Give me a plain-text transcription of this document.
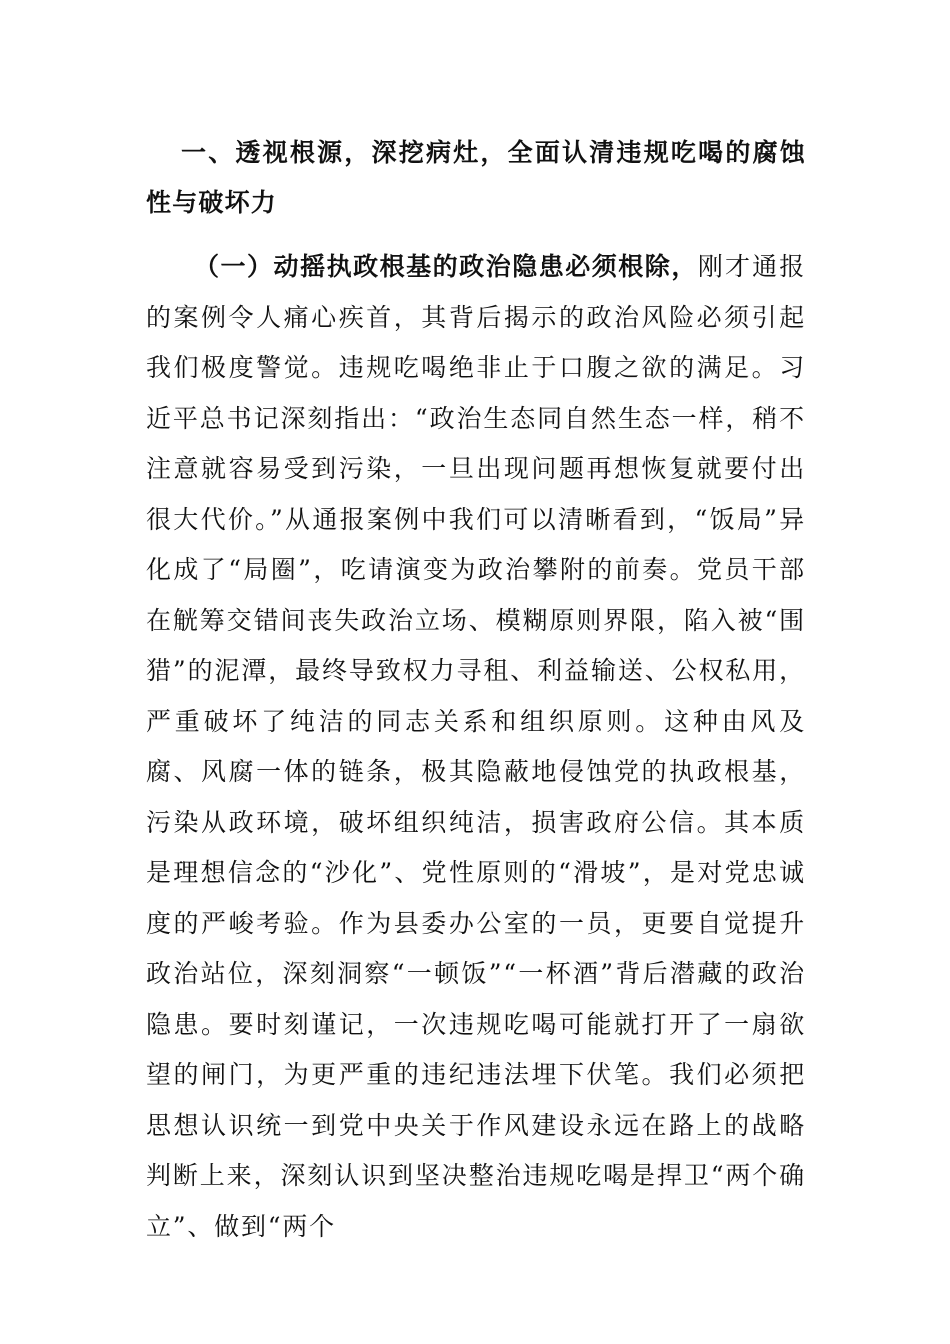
一、透视根源，深挖病灶，全面认清违规吃喝的腐蚀性与破坏力

（一）动摇执政根基的政治隐患必须根除，刚才通报的案例令人痛心疾首，其背后揭示的政治风险必须引起我们极度警觉。违规吃喝绝非止于口腹之欲的满足。习近平总书记深刻指出：“政治生态同自然生态一样，稍不注意就容易受到污染，一旦出现问题再想恢复就要付出很大代价。”从通报案例中我们可以清晰看到，“饭局”异化成了“局圈”，吃请演变为政治攀附的前奏。党员干部在觥筹交错间丧失政治立场、模糊原则界限，陷入被“围猎”的泥潭，最终导致权力寻租、利益输送、公权私用，严重破坏了纯洁的同志关系和组织原则。这种由风及腐、风腐一体的链条，极其隐蔽地侵蚀党的执政根基，污染从政环境，破坏组织纯洁，损害政府公信。其本质是理想信念的“沙化”、党性原则的“滑坡”，是对党忠诚度的严峻考验。作为县委办公室的一员，更要自觉提升政治站位，深刻洞察“一顿饭”“一杯酒”背后潜藏的政治隐患。要时刻谨记，一次违规吃喝可能就打开了一扇欲望的闸门，为更严重的违纪违法埋下伏笔。我们必须把思想认识统一到党中央关于作风建设永远在路上的战略判断上来，深刻认识到坚决整治违规吃喝是捍卫“两个确立”、做到“两个
